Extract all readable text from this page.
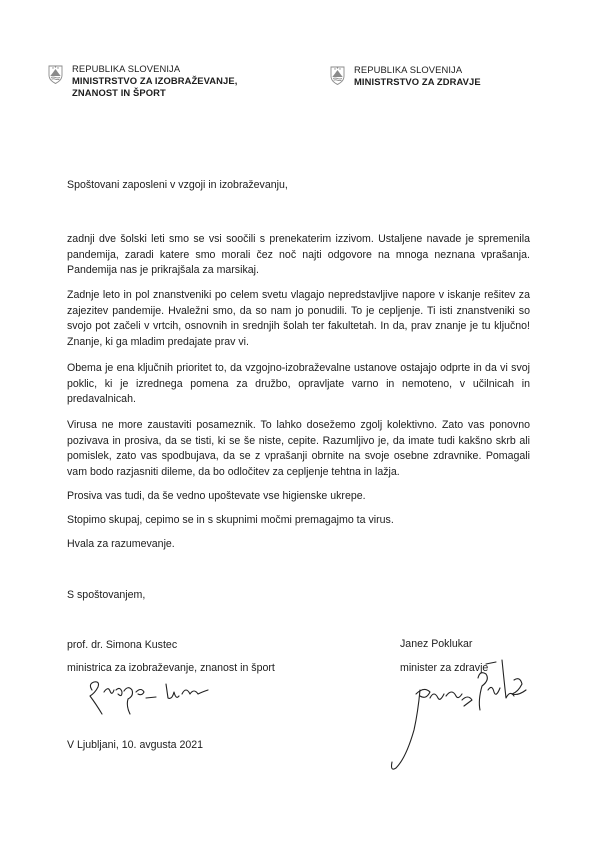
REPUBLIKA SLOVENIJA
MINISTRSTVO ZA IZOBRAŽEVANJE,
ZNANOST IN ŠPORT
REPUBLIKA SLOVENIJA
MINISTRSTVO ZA ZDRAVJE
Spoštovani zaposleni v vzgoji in izobraževanju,
zadnji dve šolski leti smo se vsi soočili s prenekaterim izzivom. Ustaljene navade je spremenila pandemija, zaradi katere smo morali čez noč najti odgovore na mnoga neznana vprašanja. Pandemija nas je prikrajšala za marsikaj.
Zadnje leto in pol znanstveniki po celem svetu vlagajo nepredstavljive napore v iskanje rešitev za zajezitev pandemije. Hvaležni smo, da so nam jo ponudili. To je cepljenje. Ti isti znanstveniki so svojo pot začeli v vrtcih, osnovnih in srednjih šolah ter fakultetah. In da, prav znanje je tu ključno! Znanje, ki ga mladim predajate prav vi.
Obema je ena ključnih prioritet to, da vzgojno-izobraževalne ustanove ostajajo odprte in da vi svoj poklic, ki je izrednega pomena za družbo, opravljate varno in nemoteno, v učilnicah in predavalnicah.
Virusa ne more zaustaviti posameznik. To lahko dosežemo zgolj kolektivno. Zato vas ponovno pozivava in prosiva, da se tisti, ki se še niste, cepite. Razumljivo je, da imate tudi kakšno skrb ali pomislek, zato vas spodbujava, da se z vprašanji obrnite na svoje osebne zdravnike. Pomagali vam bodo razjasniti dileme, da bo odločitev za cepljenje tehtna in lažja.
Prosiva vas tudi, da še vedno upoštevate vse higienske ukrepe.
Stopimo skupaj, cepimo se in s skupnimi močmi premagajmo ta virus.
Hvala za razumevanje.
S spoštovanjem,
prof. dr. Simona Kustec
ministrica za izobraževanje, znanost in šport
Janez Poklukar
minister za zdravje
V Ljubljani, 10. avgusta 2021
